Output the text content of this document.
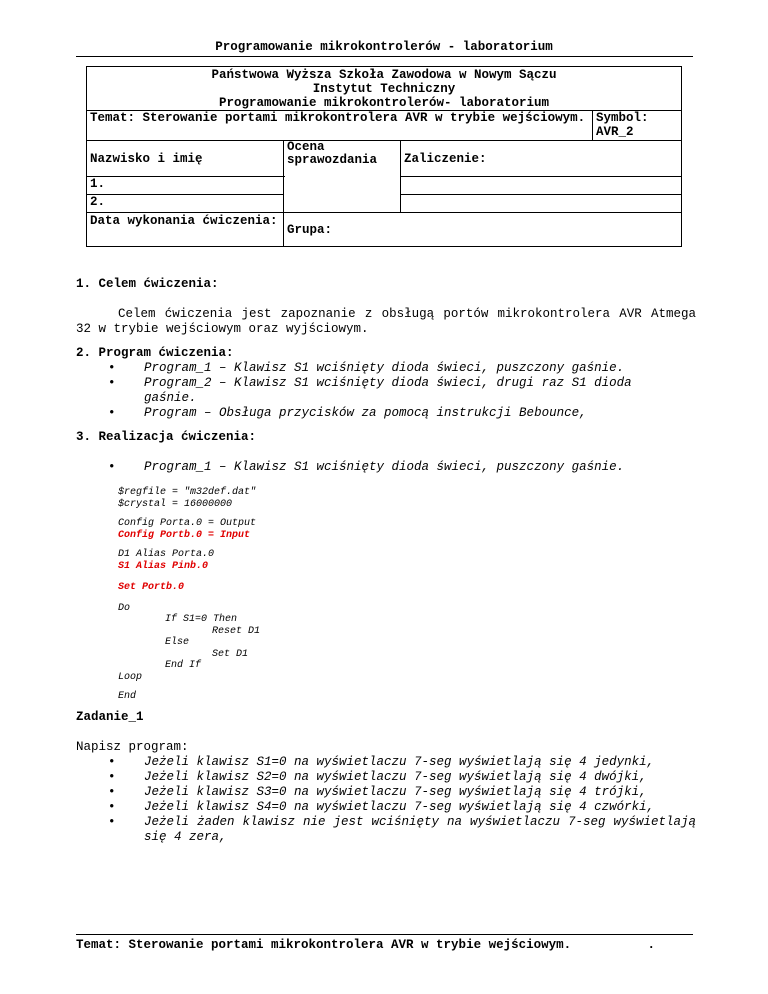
Programowanie mikrokontrolerów - laboratorium
Państwowa Wyższa Szkoła Zawodowa w Nowym Sączu
Instytut Techniczny
Programowanie mikrokontrolerów- laboratorium			

Temat: Sterowanie portami mikrokontrolera AVR w trybie wejściowym.			Symbol: AVR_2
Nazwisko i imię	Ocena sprawozdania	Zaliczenie:	
1.			
2.			
Data wykonania ćwiczenia:	Grupa:		
1. Celem ćwiczenia:
Celem ćwiczenia jest zapoznanie z obsługą portów mikrokontrolera AVR Atmega 32 w trybie wejściowym oraz wyjściowym.
2. Program ćwiczenia:
• Program_1 – Klawisz S1 wciśnięty dioda świeci, puszczony gaśnie.
• Program_2 – Klawisz S1 wciśnięty dioda świeci, drugi raz S1 dioda gaśnie.
• Program – Obsługa przycisków za pomocą instrukcji Bebounce,
3. Realizacja ćwiczenia:
• Program_1 – Klawisz S1 wciśnięty dioda świeci, puszczony gaśnie.
$regfile = "m32def.dat"
$crystal = 16000000
Config Porta.0 = Output
Config Portb.0 = Input
D1 Alias Porta.0
S1 Alias Pinb.0
Set Portb.0
Do
If S1=0 Then
Reset D1
Else
Set D1
End If
Loop
End
Zadanie_1
Napisz program:
• Jeżeli klawisz S1=0 na wyświetlaczu 7-seg wyświetlają się 4 jedynki,
• Jeżeli klawisz S2=0 na wyświetlaczu 7-seg wyświetlają się 4 dwójki,
• Jeżeli klawisz S3=0 na wyświetlaczu 7-seg wyświetlają się 4 trójki,
• Jeżeli klawisz S4=0 na wyświetlaczu 7-seg wyświetlają się 4 czwórki,
• Jeżeli żaden klawisz nie jest wciśnięty na wyświetlaczu 7-seg wyświetlają się 4 zera,
Temat: Sterowanie portami mikrokontrolera AVR w trybie wejściowym.	.
